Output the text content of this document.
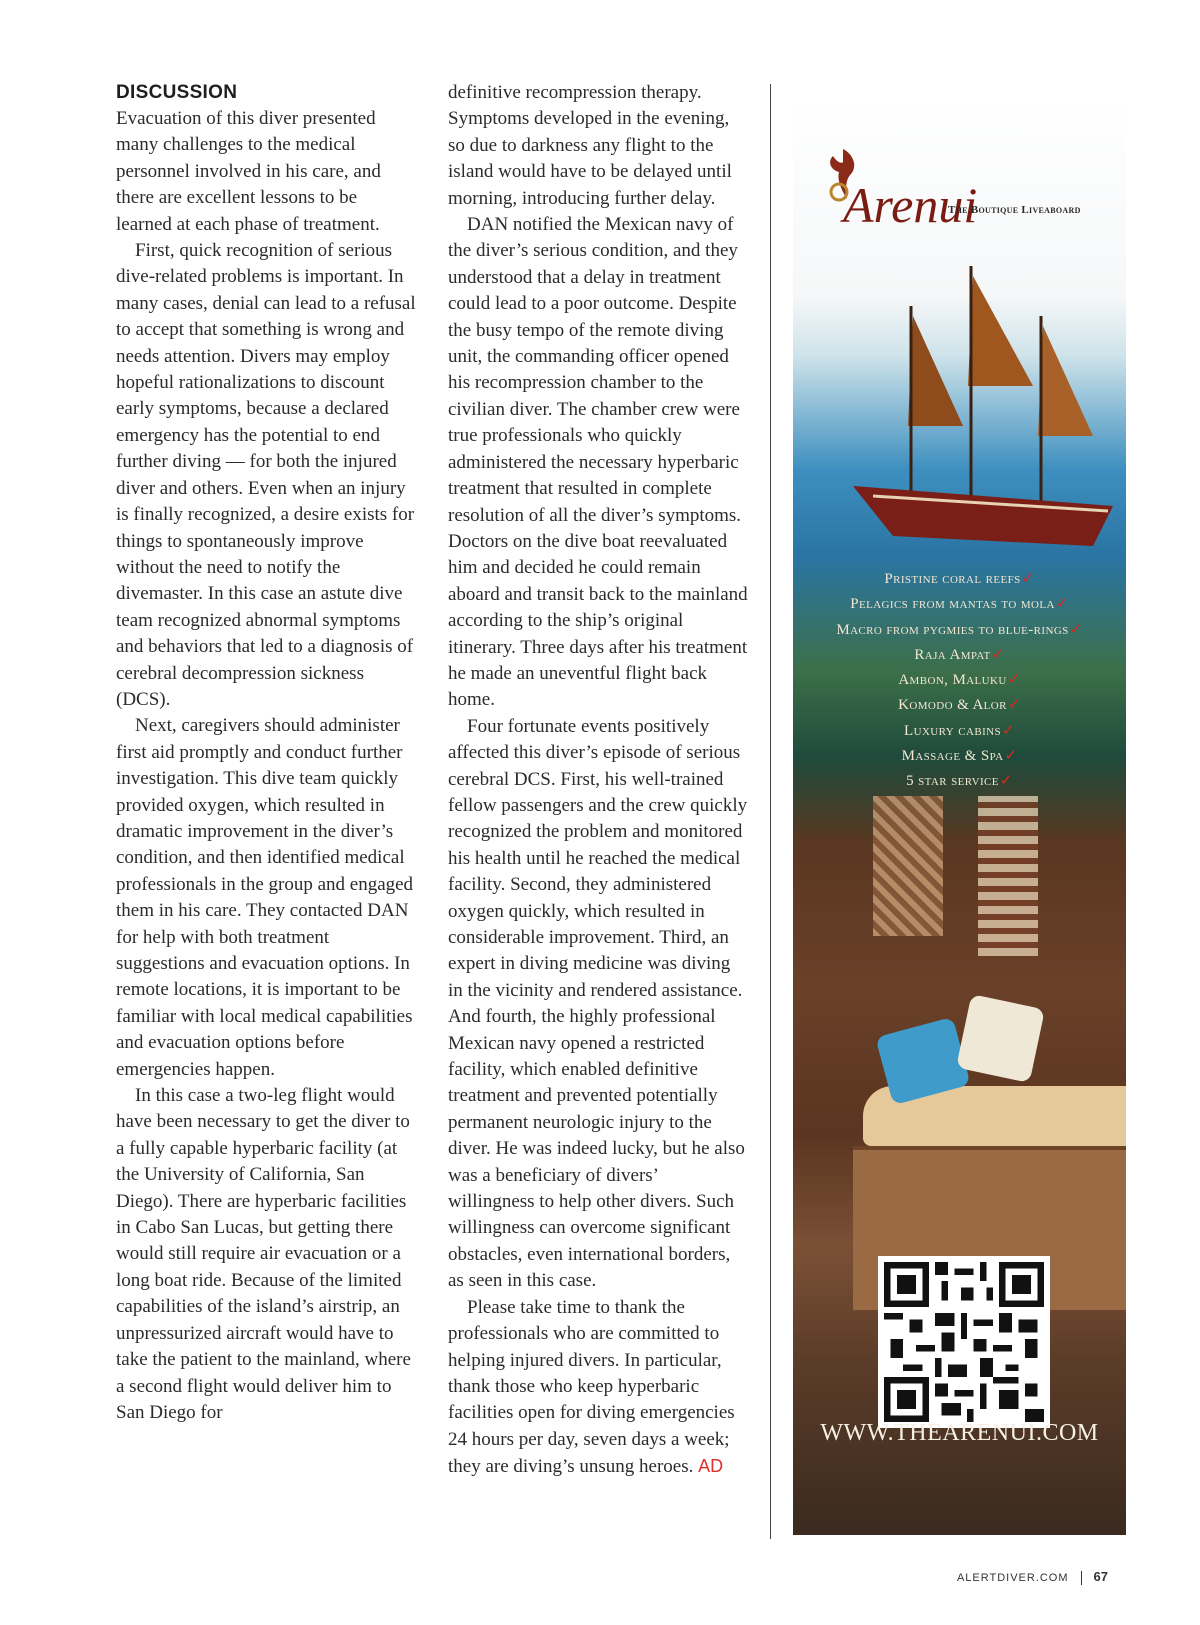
DISCUSSION

Evacuation of this diver presented many challenges to the medical personnel involved in his care, and there are excellent lessons to be learned at each phase of treatment.

First, quick recognition of serious dive-related problems is important. In many cases, denial can lead to a refusal to accept that something is wrong and needs attention. Divers may employ hopeful rationalizations to discount early symptoms, because a declared emergency has the potential to end further diving — for both the injured diver and others. Even when an injury is finally recognized, a desire exists for things to spontaneously improve without the need to notify the divemaster. In this case an astute dive team recognized abnormal symptoms and behaviors that led to a diagnosis of cerebral decompression sickness (DCS).

Next, caregivers should administer first aid promptly and conduct further investigation. This dive team quickly provided oxygen, which resulted in dramatic improvement in the diver’s condition, and then identified medical professionals in the group and engaged them in his care. They contacted DAN for help with both treatment suggestions and evacuation options. In remote locations, it is important to be familiar with local medical capabilities and evacuation options before emergencies happen.

In this case a two-leg flight would have been necessary to get the diver to a fully capable hyperbaric facility (at the University of California, San Diego). There are hyperbaric facilities in Cabo San Lucas, but getting there would still require air evacuation or a long boat ride. Because of the limited capabilities of the island’s airstrip, an unpressurized aircraft would have to take the patient to the mainland, where a second flight would deliver him to San Diego for

definitive recompression therapy. Symptoms developed in the evening, so due to darkness any flight to the island would have to be delayed until morning, introducing further delay.

DAN notified the Mexican navy of the diver’s serious condition, and they understood that a delay in treatment could lead to a poor outcome. Despite the busy tempo of the remote diving unit, the commanding officer opened his recompression chamber to the civilian diver. The chamber crew were true professionals who quickly administered the necessary hyperbaric treatment that resulted in complete resolution of all the diver’s symptoms. Doctors on the dive boat reevaluated him and decided he could remain aboard and transit back to the mainland according to the ship’s original itinerary. Three days after his treatment he made an uneventful flight back home.

Four fortunate events positively affected this diver’s episode of serious cerebral DCS. First, his well-trained fellow passengers and the crew quickly recognized the problem and monitored his health until he reached the medical facility. Second, they administered oxygen quickly, which resulted in considerable improvement. Third, an expert in diving medicine was diving in the vicinity and rendered assistance. And fourth, the highly professional Mexican navy opened a restricted facility, which enabled definitive treatment and prevented potentially permanent neurologic injury to the diver. He was indeed lucky, but he also was a beneficiary of divers’ willingness to help other divers. Such willingness can overcome significant obstacles, even international borders, as seen in this case.

Please take time to thank the professionals who are committed to helping injured divers. In particular, thank those who keep hyperbaric facilities open for diving emergencies 24 hours per day, seven days a week; they are diving’s unsung heroes. AD

Arenui
The Boutique Liveaboard
Pristine coral reefs✓
Pelagics from mantas to mola✓
Macro from pygmies to blue-rings✓
Raja Ampat✓
Ambon, Maluku✓
Komodo & Alor✓
Luxury cabins✓
Massage & Spa✓
5 star service✓
WWW.THEARENUI.COM
ALERTDIVER.COM 67
